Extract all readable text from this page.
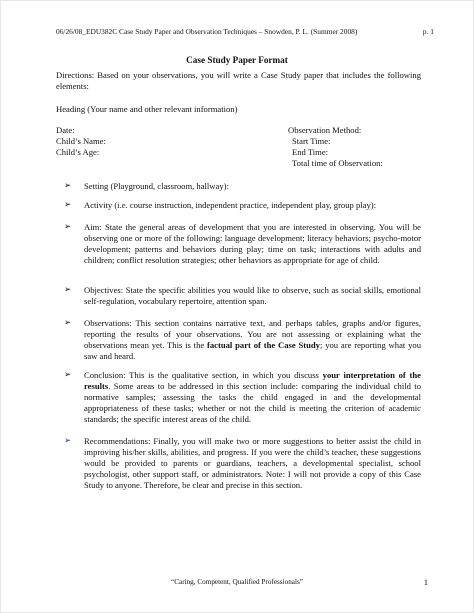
06/26/08_EDU382C Case Study Paper and Observation Techniques – Snowden, P. L. (Summer 2008)	p. 1
Case Study Paper Format
Directions: Based on your observations, you will write a Case Study paper that includes the following elements:
Heading (Your name and other relevant information)
Date:
Child’s Name:
Child’s Age:
Observation Method:
Start Time:
End Time:
Total time of Observation:
➢	Setting (Playground, classroom, hallway):
➢	Activity (i.e. course instruction, independent practice, independent play, group play):
➢	Aim: State the general areas of development that you are interested in observing. You will be observing one or more of the following: language development; literacy behaviors; psycho-motor development; patterns and behaviors during play; time on task; interactions with adults and children; conflict resolution strategies; other behaviors as appropriate for age of child.
➢	Objectives: State the specific abilities you would like to observe, such as social skills, emotional self-regulation, vocabulary repertoire, attention span.
➢	Observations: This section contains narrative text, and perhaps tables, graphs and/or figures, reporting the results of your observations. You are not assessing or explaining what the observations mean yet. This is the factual part of the Case Study; you are reporting what you saw and heard.
➢	Conclusion: This is the qualitative section, in which you discuss your interpretation of the results. Some areas to be addressed in this section include: comparing the individual child to normative samples; assessing the tasks the child engaged in and the developmental appropriateness of these tasks; whether or not the child is meeting the criterion of academic standards; the specific interest areas of the child.
➢	Recommendations: Finally, you will make two or more suggestions to better assist the child in improving his/her skills, abilities, and progress. If you were the child’s teacher, these suggestions would be provided to parents or guardians, teachers, a developmental specialist, school psychologist, other support staff, or administrators. Note: I will not provide a copy of this Case Study to anyone. Therefore, be clear and precise in this section.
“Caring, Competent, Qualified Professionals”	1
